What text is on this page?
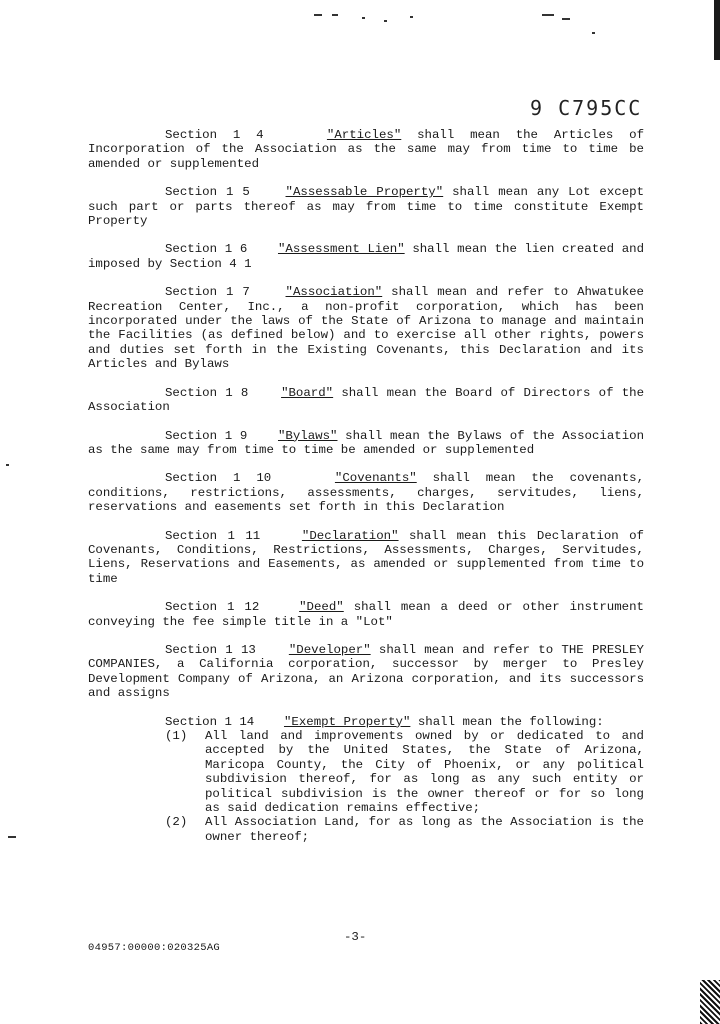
9 C795CC

Section 1 4	"Articles" shall mean the Articles of Incorporation of the Association as the same may from time to time be amended or supplemented

Section 1 5	"Assessable Property" shall mean any Lot except such part or parts thereof as may from time to time constitute Exempt Property

Section 1 6 "Assessment Lien" shall mean the lien created and imposed by Section 4 1

Section 1 7	"Association" shall mean and refer to Ahwatukee Recreation Center, Inc., a non-profit corporation, which has been incorporated under the laws of the State of Arizona to manage and maintain the Facilities (as defined below) and to exercise all other rights, powers and duties set forth in the Existing Covenants, this Declaration and its Articles and Bylaws

Section 1 8	"Board" shall mean the Board of Directors of the Association

Section 1 9 "Bylaws" shall mean the Bylaws of the Association as the same may from time to time be amended or supplemented

Section 1 10	"Covenants" shall mean the covenants, conditions, restrictions, assessments, charges, servitudes, liens, reservations and easements set forth in this Declaration

Section 1 11	"Declaration" shall mean this Declaration of Covenants, Conditions, Restrictions, Assessments, Charges, Servitudes, Liens, Reservations and Easements, as amended or supplemented from time to time

Section 1 12	"Deed" shall mean a deed or other instrument conveying the fee simple title in a "Lot"

Section 1 13	"Developer" shall mean and refer to THE PRESLEY COMPANIES, a California corporation, successor by merger to Presley Development Company of Arizona, an Arizona corporation, and its successors and assigns

Section 1 14 "Exempt Property" shall mean the following:

(1) All land and improvements owned by or dedicated to and accepted by the United States, the State of Arizona, Maricopa County, the City of Phoenix, or any political subdivision thereof, for as long as any such entity or political subdivision is the owner thereof or for so long as said dedication remains effective;

(2) All Association Land, for as long as the Association is the owner thereof;

-3-
04957:00000:020325AG
